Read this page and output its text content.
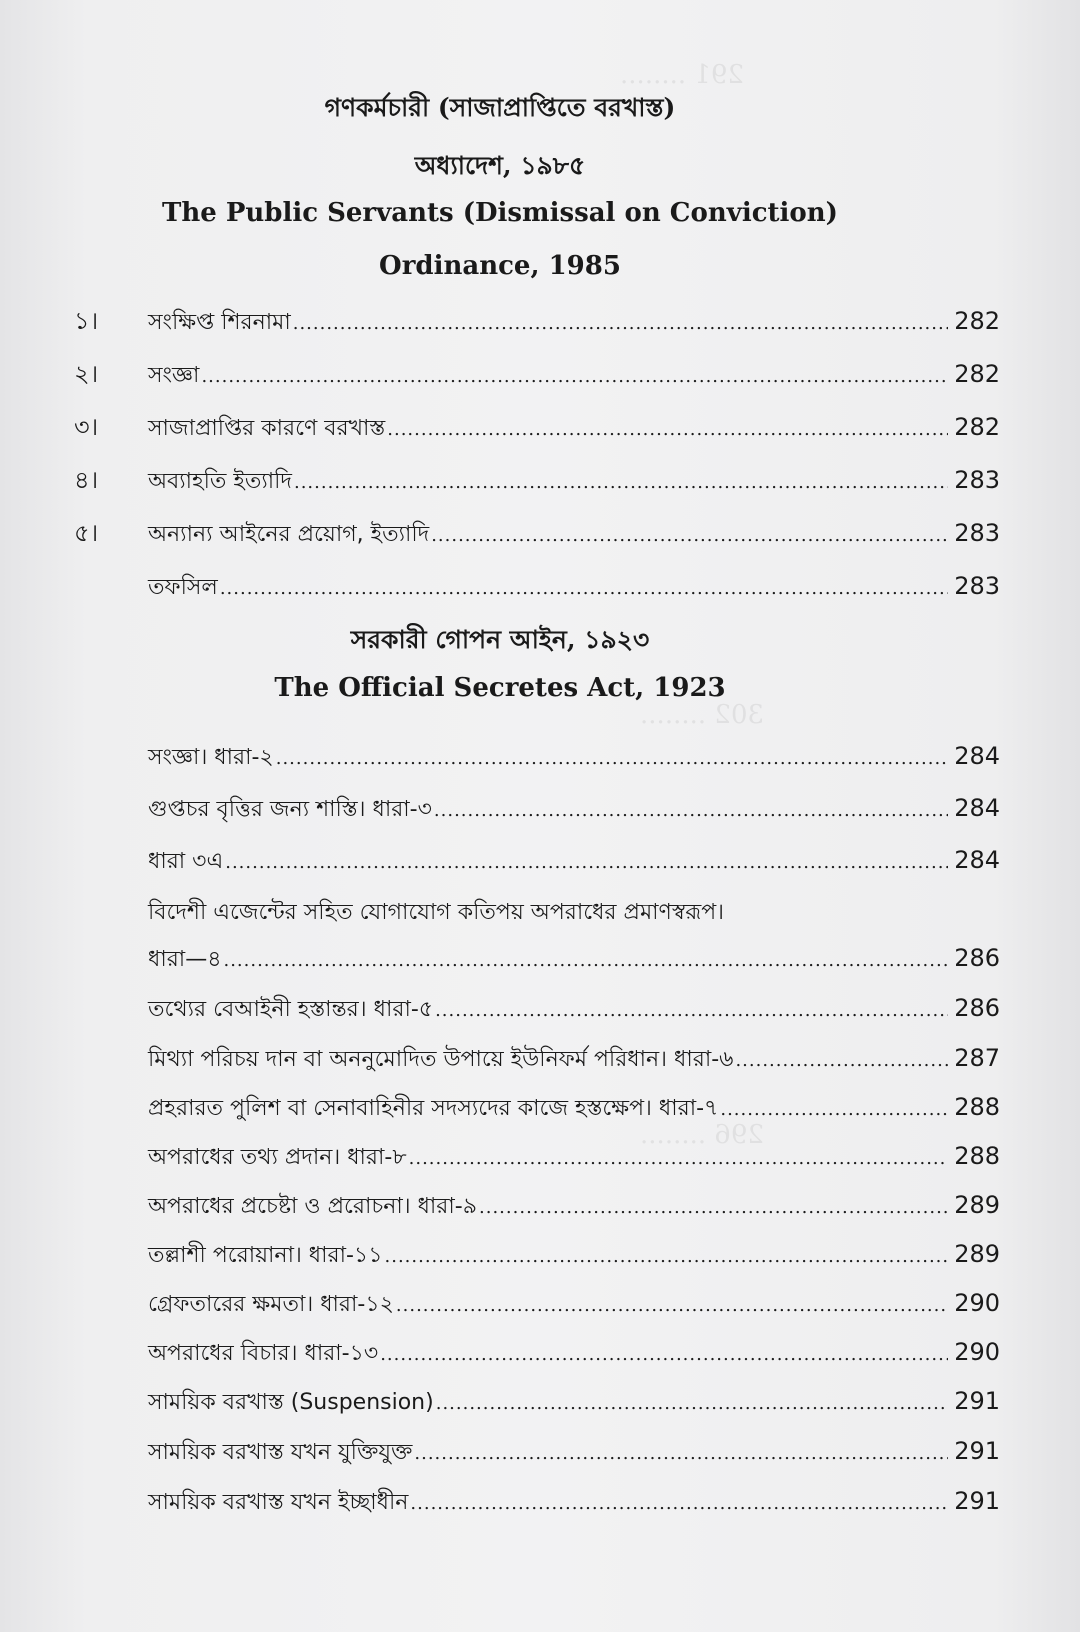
291 ........
302 ........
296 ........
গণকর্মচারী (সাজাপ্রাপ্তিতে বরখাস্ত)
অধ্যাদেশ, ১৯৮৫
The Public Servants (Dismissal on Conviction)
Ordinance, 1985
১।	সংক্ষিপ্ত শিরনামা .....	282
২।	সংজ্ঞা .....	282
৩।	সাজাপ্রাপ্তির কারণে বরখাস্ত .....	282
৪।	অব্যাহতি ইত্যাদি .....	283
৫।	অন্যান্য আইনের প্রয়োগ, ইত্যাদি .....	283
তফসিল .....	283
সরকারী গোপন আইন, ১৯২৩
The Official Secretes Act, 1923
সংজ্ঞা। ধারা-২ .....	284
গুপ্তচর বৃত্তির জন্য শাস্তি। ধারা-৩ .....	284
ধারা ৩এ .....	284
বিদেশী এজেন্টের সহিত যোগাযোগ কতিপয় অপরাধের প্রমাণস্বরূপ।
ধারা—৪ .....	286
তথ্যের বেআইনী হস্তান্তর। ধারা-৫ .....	286
মিথ্যা পরিচয় দান বা অননুমোদিত উপায়ে ইউনিফর্ম পরিধান। ধারা-৬ .....	287
প্রহরারত পুলিশ বা সেনাবাহিনীর সদস্যদের কাজে হস্তক্ষেপ। ধারা-৭ .....	288
অপরাধের তথ্য প্রদান। ধারা-৮ .....	288
অপরাধের প্রচেষ্টা ও প্ররোচনা। ধারা-৯ .....	289
তল্লাশী পরোয়ানা। ধারা-১১ .....	289
গ্রেফতারের ক্ষমতা। ধারা-১২ .....	290
অপরাধের বিচার। ধারা-১৩ .....	290
সাময়িক বরখাস্ত (Suspension) .....	291
সাময়িক বরখাস্ত যখন যুক্তিযুক্ত .....	291
সাময়িক বরখাস্ত যখন ইচ্ছাধীন .....	291
